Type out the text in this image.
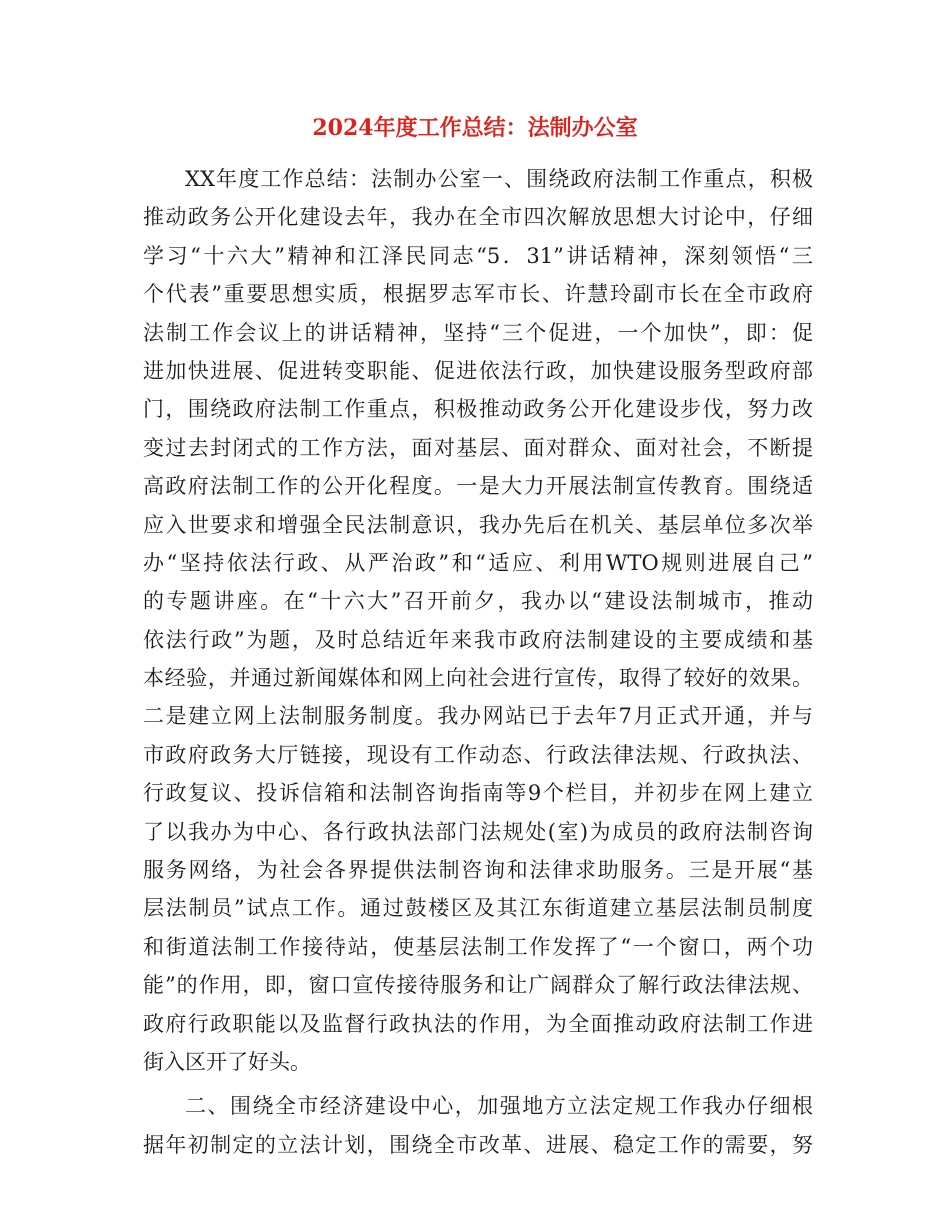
2024年度工作总结：法制办公室
XX年度工作总结：法制办公室一、围绕政府法制工作重点，积极
推动政务公开化建设去年，我办在全市四次解放思想大讨论中，仔细
学习“十六大”精神和江泽民同志“5．31”讲话精神，深刻领悟“三
个代表”重要思想实质，根据罗志军市长、许慧玲副市长在全市政府
法制工作会议上的讲话精神，坚持“三个促进，一个加快”，即：促
进加快进展、促进转变职能、促进依法行政，加快建设服务型政府部
门，围绕政府法制工作重点，积极推动政务公开化建设步伐，努力改
变过去封闭式的工作方法，面对基层、面对群众、面对社会，不断提
高政府法制工作的公开化程度。一是大力开展法制宣传教育。围绕适
应入世要求和增强全民法制意识，我办先后在机关、基层单位多次举
办“坚持依法行政、从严治政”和“适应、利用WTO规则进展自己”
的专题讲座。在“十六大”召开前夕，我办以“建设法制城市，推动
依法行政”为题，及时总结近年来我市政府法制建设的主要成绩和基
本经验，并通过新闻媒体和网上向社会进行宣传，取得了较好的效果。
二是建立网上法制服务制度。我办网站已于去年7月正式开通，并与
市政府政务大厅链接，现设有工作动态、行政法律法规、行政执法、
行政复议、投诉信箱和法制咨询指南等9个栏目，并初步在网上建立
了以我办为中心、各行政执法部门法规处(室)为成员的政府法制咨询
服务网络，为社会各界提供法制咨询和法律求助服务。三是开展“基
层法制员”试点工作。通过鼓楼区及其江东街道建立基层法制员制度
和街道法制工作接待站，使基层法制工作发挥了“一个窗口，两个功
能”的作用，即，窗口宣传接待服务和让广阔群众了解行政法律法规、
政府行政职能以及监督行政执法的作用，为全面推动政府法制工作进
街入区开了好头。
二、围绕全市经济建设中心，加强地方立法定规工作我办仔细根
据年初制定的立法计划，围绕全市改革、进展、稳定工作的需要，努
